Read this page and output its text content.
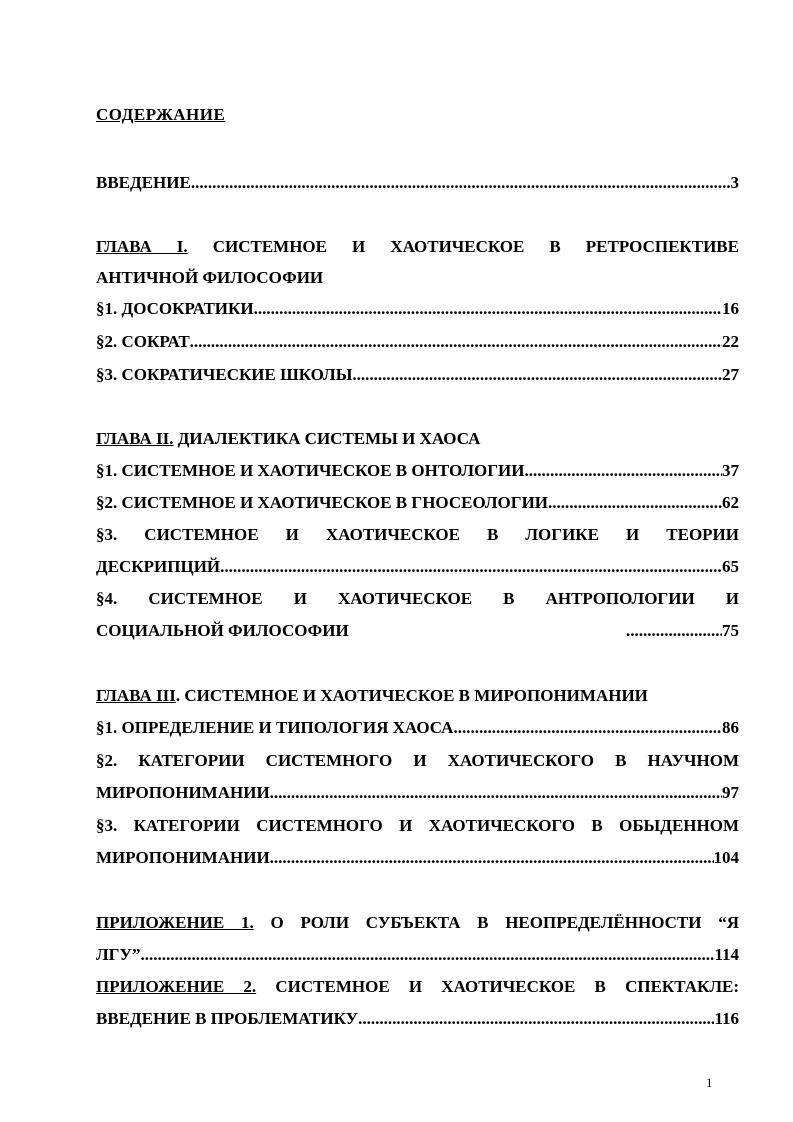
СОДЕРЖАНИЕ
ВВЕДЕНИЕ .....	3
ГЛАВА I. СИСТЕМНОЕ И ХАОТИЧЕСКОЕ В РЕТРОСПЕКТИВЕ
АНТИЧНОЙ ФИЛОСОФИИ
§1. ДОСОКРАТИКИ .....	16
§2. СОКРАТ .....	22
§3. СОКРАТИЧЕСКИЕ ШКОЛЫ .....	27
ГЛАВА II. ДИАЛЕКТИКА СИСТЕМЫ И ХАОСА
§1. СИСТЕМНОЕ И ХАОТИЧЕСКОЕ В ОНТОЛОГИИ .....	37
§2. СИСТЕМНОЕ И ХАОТИЧЕСКОЕ В ГНОСЕОЛОГИИ .....	62
§3. СИСТЕМНОЕ И ХАОТИЧЕСКОЕ В ЛОГИКЕ И ТЕОРИИ
ДЕСКРИПЦИЙ .....	65
§4. СИСТЕМНОЕ И ХАОТИЧЕСКОЕ В АНТРОПОЛОГИИ И
СОЦИАЛЬНОЙ ФИЛОСОФИИ .....	75
ГЛАВА III. СИСТЕМНОЕ И ХАОТИЧЕСКОЕ В МИРОПОНИМАНИИ
§1. ОПРЕДЕЛЕНИЕ И ТИПОЛОГИЯ ХАОСА .....	86
§2. КАТЕГОРИИ СИСТЕМНОГО И ХАОТИЧЕСКОГО В НАУЧНОМ
МИРОПОНИМАНИИ .....	97
§3. КАТЕГОРИИ СИСТЕМНОГО И ХАОТИЧЕСКОГО В ОБЫДЕННОМ
МИРОПОНИМАНИИ .....	104
ПРИЛОЖЕНИЕ 1. О РОЛИ СУБЪЕКТА В НЕОПРЕДЕЛЁННОСТИ “Я
ЛГУ” .....	114
ПРИЛОЖЕНИЕ 2. СИСТЕМНОЕ И ХАОТИЧЕСКОЕ В СПЕКТАКЛЕ:
ВВЕДЕНИЕ В ПРОБЛЕМАТИКУ .....	116
1
